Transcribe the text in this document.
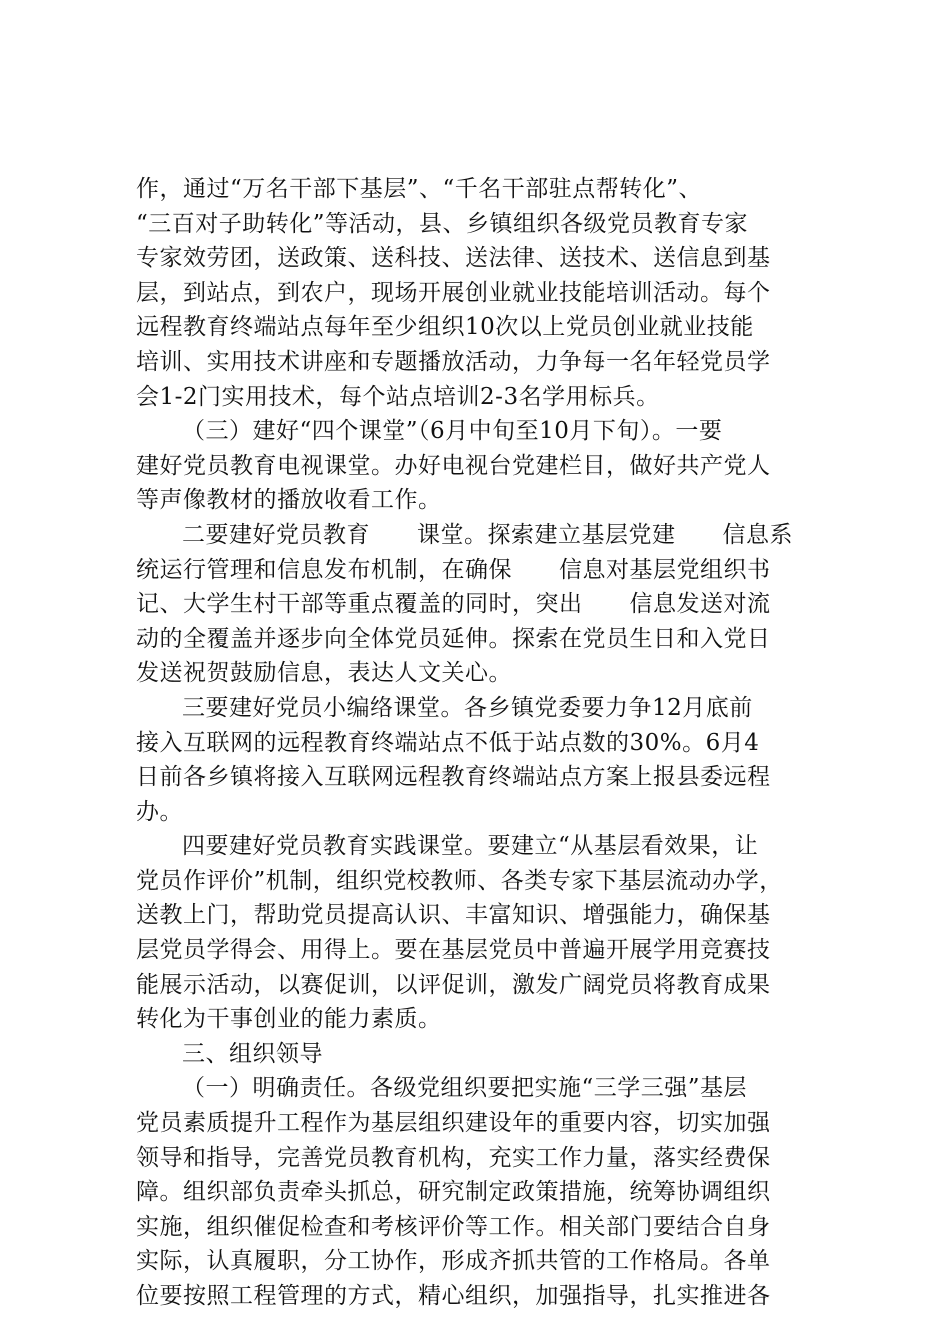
作，通过“万名干部下基层”、“千名干部驻点帮转化”、
“三百对子助转化”等活动，县、乡镇组织各级党员教育专家
专家效劳团，送政策、送科技、送法律、送技术、送信息到基
层，到站点，到农户，现场开展创业就业技能培训活动。每个
远程教育终端站点每年至少组织10次以上党员创业就业技能
培训、实用技术讲座和专题播放活动，力争每一名年轻党员学
会1-2门实用技术，每个站点培训2-3名学用标兵。
（三）建好“四个课堂”（6月中旬至10月下旬）。一要
建好党员教育电视课堂。办好电视台党建栏目，做好共产党人
等声像教材的播放收看工作。
二要建好党员教育　　课堂。探索建立基层党建　　信息系
统运行管理和信息发布机制，在确保　　信息对基层党组织书
记、大学生村干部等重点覆盖的同时，突出　　信息发送对流
动的全覆盖并逐步向全体党员延伸。探索在党员生日和入党日
发送祝贺鼓励信息，表达人文关心。
三要建好党员小编络课堂。各乡镇党委要力争12月底前
接入互联网的远程教育终端站点不低于站点数的30%。6月4
日前各乡镇将接入互联网远程教育终端站点方案上报县委远程
办。
四要建好党员教育实践课堂。要建立“从基层看效果，让
党员作评价”机制，组织党校教师、各类专家下基层流动办学，
送教上门，帮助党员提高认识、丰富知识、增强能力，确保基
层党员学得会、用得上。要在基层党员中普遍开展学用竞赛技
能展示活动，以赛促训，以评促训，激发广阔党员将教育成果
转化为干事创业的能力素质。
三、组织领导
（一）明确责任。各级党组织要把实施“三学三强”基层
党员素质提升工程作为基层组织建设年的重要内容，切实加强
领导和指导，完善党员教育机构，充实工作力量，落实经费保
障。组织部负责牵头抓总，研究制定政策措施，统筹协调组织
实施，组织催促检查和考核评价等工作。相关部门要结合自身
实际，认真履职，分工协作，形成齐抓共管的工作格局。各单
位要按照工程管理的方式，精心组织，加强指导，扎实推进各
